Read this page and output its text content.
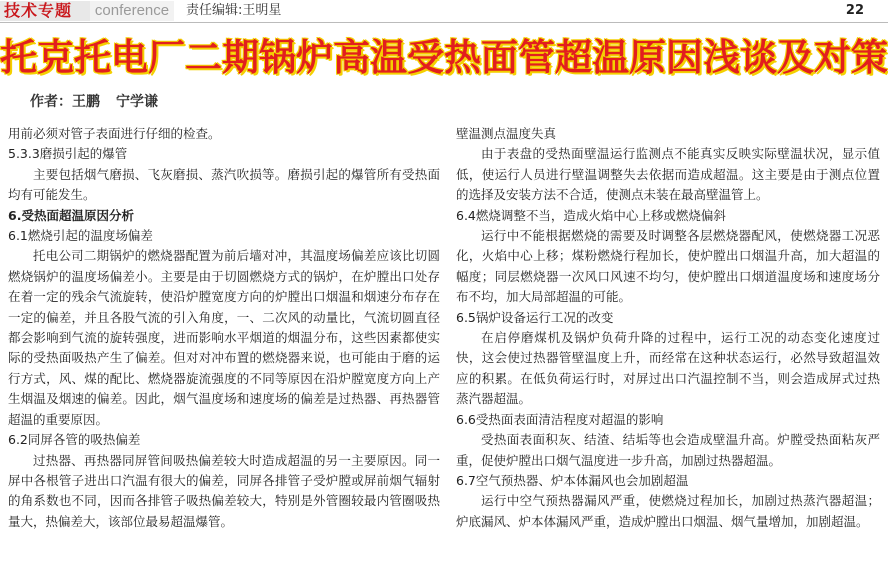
技术专题	conference	责任编辑:王明星	22
托克托电厂二期锅炉高温受热面管超温原因浅谈及对策
作者：王鹏 宁学谦

用前必须对管子表面进行仔细的检查。

5.3.3磨损引起的爆管

主要包括烟气磨损、飞灰磨损、蒸汽吹损等。磨损引起的爆管所有受热面均有可能发生。

6.受热面超温原因分析

6.1燃烧引起的温度场偏差

托电公司二期锅炉的燃烧器配置为前后墙对冲，其温度场偏差应该比切圆燃烧锅炉的温度场偏差小。主要是由于切圆燃烧方式的锅炉，在炉膛出口处存在着一定的残余气流旋转，使沿炉膛宽度方向的炉膛出口烟温和烟速分布存在一定的偏差，并且各股气流的引入角度，一、二次风的动量比，气流切圆直径都会影响到气流的旋转强度，进而影响水平烟道的烟温分布，这些因素都使实际的受热面吸热产生了偏差。但对对冲布置的燃烧器来说，也可能由于磨的运行方式，风、煤的配比、燃烧器旋流强度的不同等原因在沿炉膛宽度方向上产生烟温及烟速的偏差。因此，烟气温度场和速度场的偏差是过热器、再热器管超温的重要原因。

6.2同屏各管的吸热偏差

过热器、再热器同屏管间吸热偏差较大时造成超温的另一主要原因。同一屏中各根管子进出口汽温有很大的偏差，同屏各排管子受炉膛或屏前烟气辐射的角系数也不同，因而各排管子吸热偏差较大，特别是外管圈较最内管圈吸热量大，热偏差大，该部位最易超温爆管。

壁温测点温度失真

由于表盘的受热面壁温运行监测点不能真实反映实际壁温状况，显示值低，使运行人员进行壁温调整失去依据而造成超温。这主要是由于测点位置的选择及安装方法不合适，使测点未装在最高壁温管上。

6.4燃烧调整不当，造成火焰中心上移或燃烧偏斜

运行中不能根据燃烧的需要及时调整各层燃烧器配风，使燃烧器工况恶化，火焰中心上移；煤粉燃烧行程加长，使炉膛出口烟温升高，加大超温的幅度；同层燃烧器一次风口风速不均匀，使炉膛出口烟道温度场和速度场分布不均，加大局部超温的可能。

6.5锅炉设备运行工况的改变

在启停磨煤机及锅炉负荷升降的过程中，运行工况的动态变化速度过快，这会使过热器管壁温度上升，而经常在这种状态运行，必然导致超温效应的积累。在低负荷运行时，对屏过出口汽温控制不当，则会造成屏式过热蒸汽器超温。

6.6受热面表面清洁程度对超温的影响

受热面表面积灰、结渣、结垢等也会造成壁温升高。炉膛受热面粘灰严重，促使炉膛出口烟气温度进一步升高，加剧过热器超温。

6.7空气预热器、炉本体漏风也会加剧超温

运行中空气预热器漏风严重，使燃烧过程加长，加剧过热蒸汽器超温；炉底漏风、炉本体漏风严重，造成炉膛出口烟温、烟气量增加，加剧超温。
